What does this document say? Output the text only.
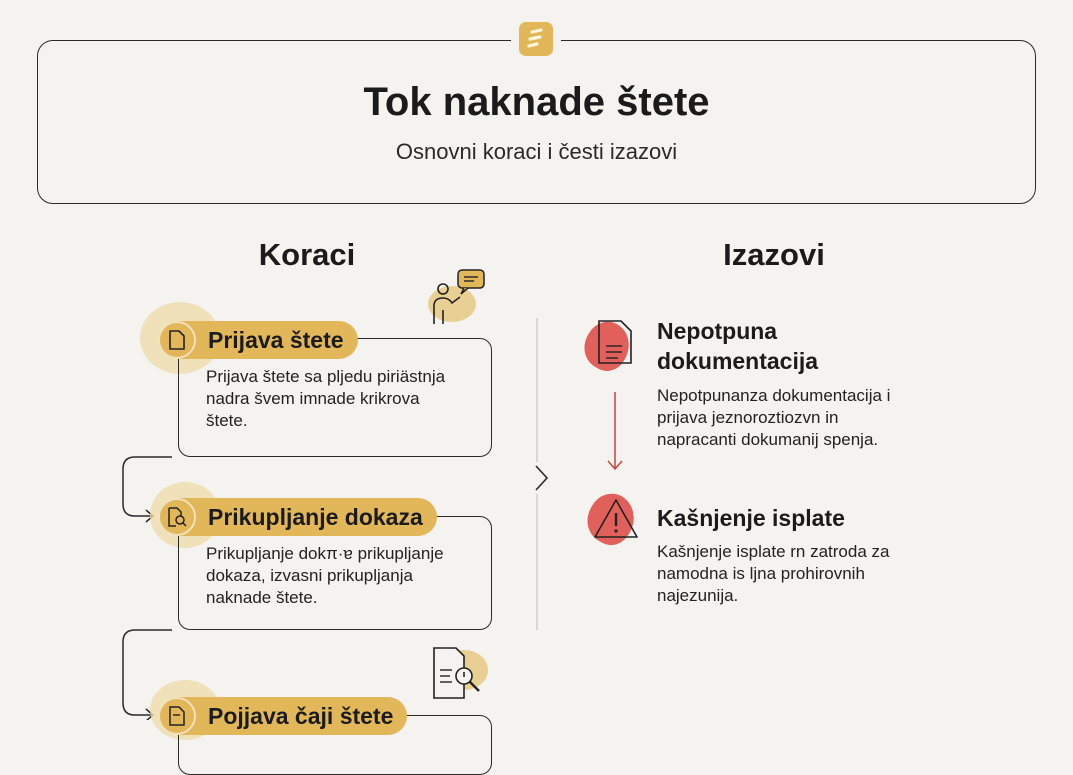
Tok naknade štete
Osnovni koraci i česti izazovi
Koraci	Izazovi
Prijava štete
Prijava štete sa pljedu piriästnja
nadra švem imnade krikrova
štete.
Prikupljanje dokaza
Prikupljanje dokπ·ɐ prikupljanje
dokaza, izvasni prikupljanja
naknade štete.
Pojjava čaji štete
Nepotpuna
dokumentacija
Nepotpunanza dokumentacija i
prijava jeznoroztiozvn in
napracanti dokumanij spenja.
Kašnjenje isplate
Kašnjenje isplate rn zatroda za
namodna is ljna prohirovnih
najezunija.
